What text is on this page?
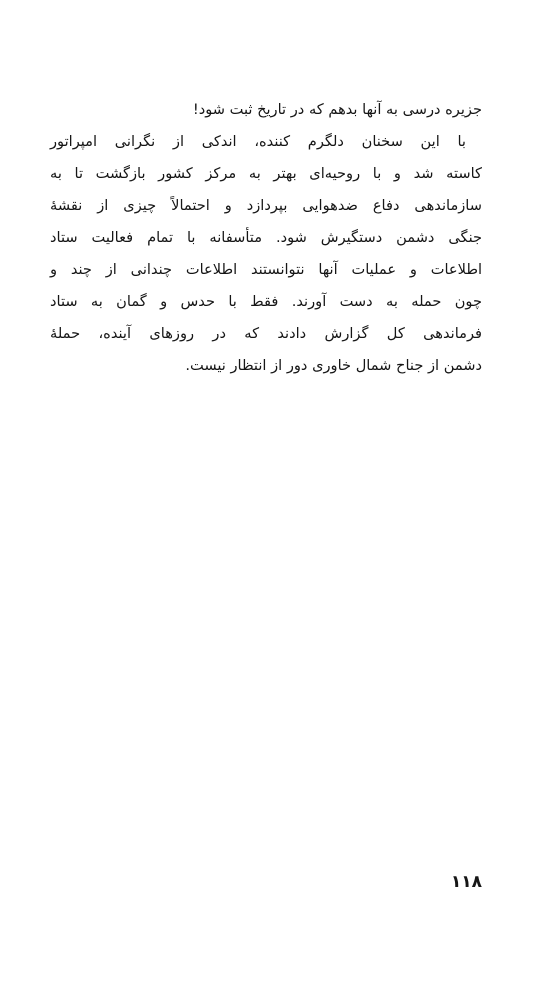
جزیره درسی به آنها بدهم که در تاریخ ثبت شود!
با این سخنان دلگرم کننده، اندکی از نگرانی امپراتور
کاسته شد و با روحیه‌ای بهتر به مرکز کشور بازگشت تا به
سازماندهی دفاع ضدهوایی بپردازد و احتمالاً چیزی از نقشهٔ
جنگی دشمن دستگیرش شود. متأسفانه با تمام فعالیت ستاد
اطلاعات و عملیات آنها نتوانستند اطلاعات چندانی از چند و
چون حمله به دست آورند. فقط با حدس و گمان به ستاد
فرماندهی کل گزارش دادند که در روزهای آینده، حملهٔ
دشمن از جناح شمال خاوری دور از انتظار نیست.
۱۱۸
